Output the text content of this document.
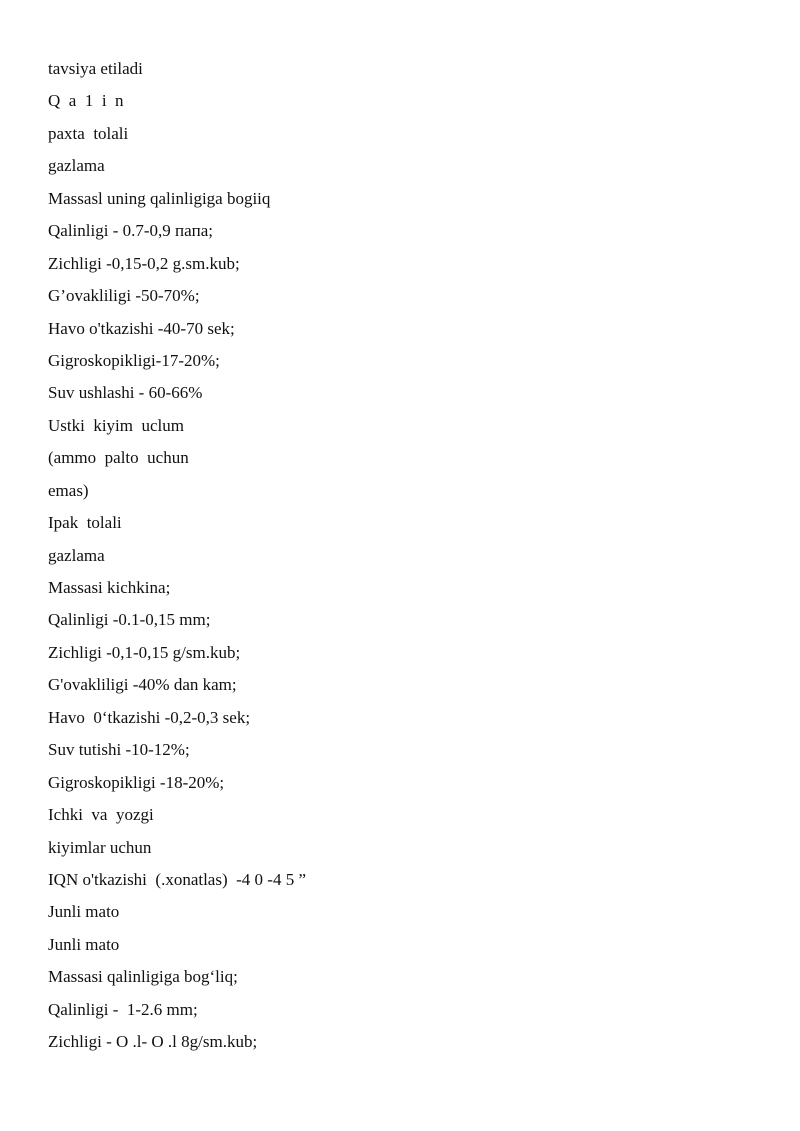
tavsiya etiladi
Q  a  1  i  n
paxta  tolali
gazlama
Massasl uning qalinligiga bogiiq
Qalinligi - 0.7-0,9 пaпa;
Zichligi -0,15-0,2 g.sm.kub;
G’ovakliligi -50-70%;
Havo o'tkazishi -40-70 sek;
Gigroskopikligi-17-20%;
Suv ushlashi - 60-66%
Ustki  kiyim  uclum
(ammo  palto  uchun
emas)
Ipak  tolali
gazlama
Massasi kichkina;
Qalinligi -0.1-0,15 mm;
Zichligi -0,1-0,15 g/sm.kub;
G'ovakliligi -40% dan kam;
Havo  0‘tkazishi -0,2-0,3 sek;
Suv tutishi -10-12%;
Gigroskopikligi -18-20%;
Ichki  va  yozgi
kiyimlar uchun
IQN o'tkazishi  (.xonatlas)  -4 0 -4 5 ”
Junli mato
Junli mato
Massasi qalinligiga bog‘liq;
Qalinligi -  1-2.6 mm;
Zichligi - O .l- O .l 8g/sm.kub;
